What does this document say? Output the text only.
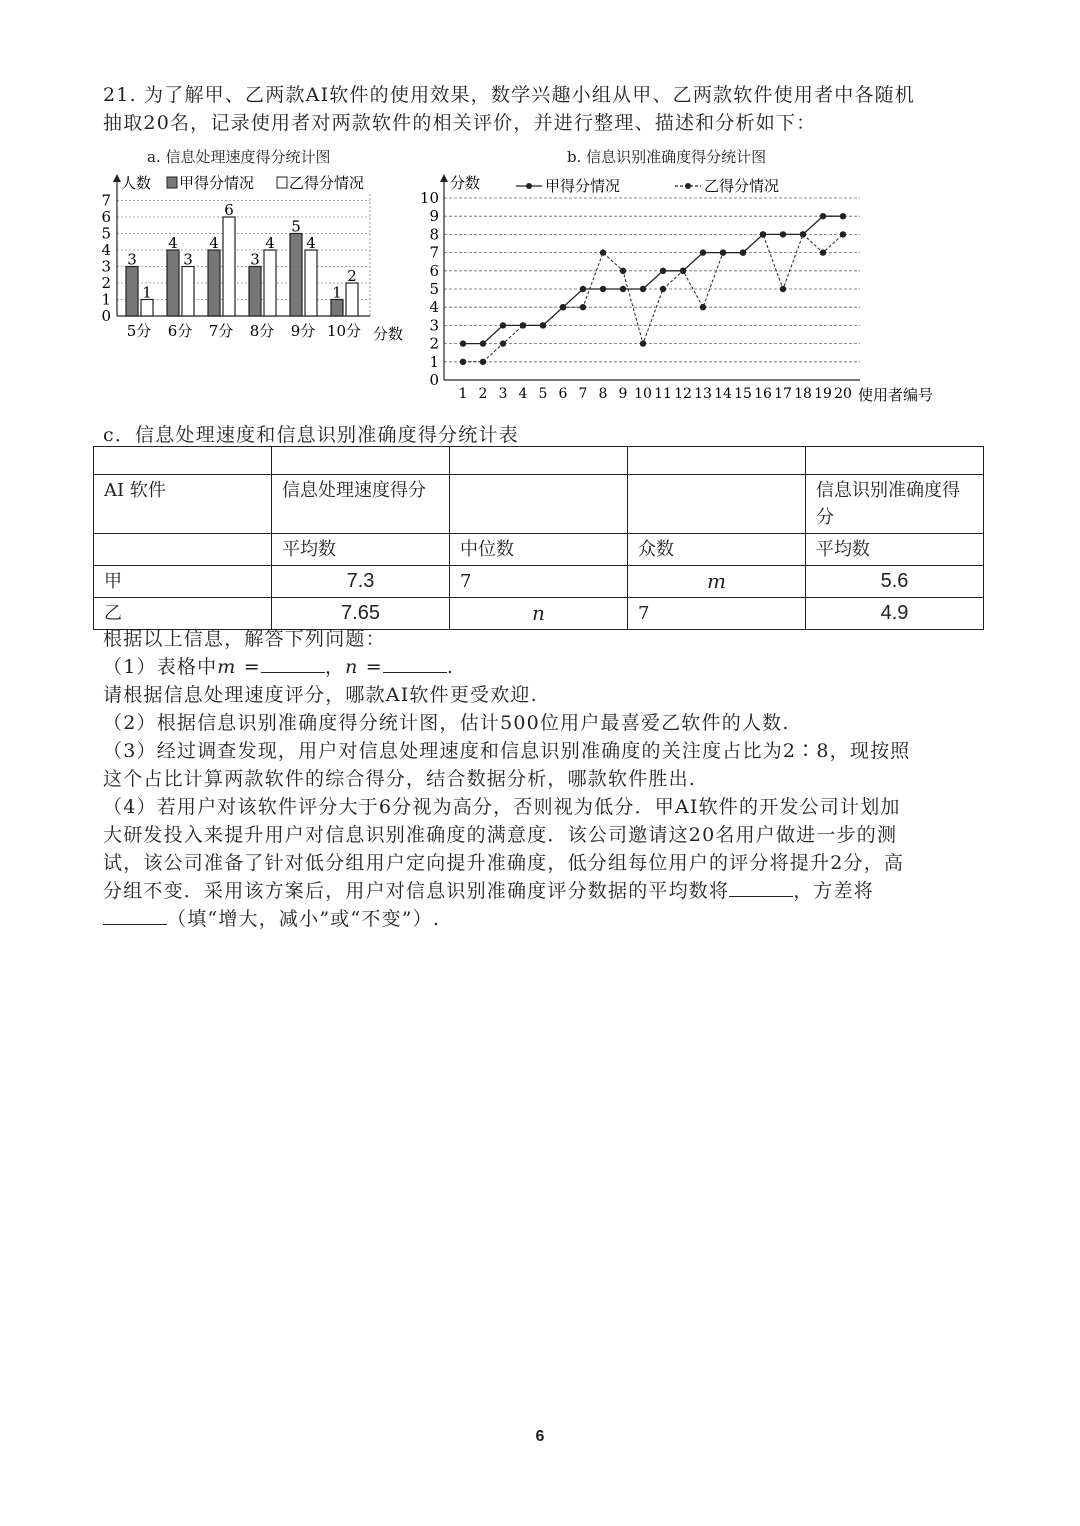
21. 为了解甲、乙两款AI软件的使用效果，数学兴趣小组从甲、乙两款软件使用者中各随机
抽取20名，记录使用者对两款软件的相关评价，并进行整理、描述和分析如下：
a. 信息处理速度得分统计图	b. 信息识别准确度得分统计图
0
1
2
3
4
5
6
7
人数 甲得分情况 乙得分情况
3
1
5分
4
3
6分
4
6
7分
3
4
8分
5
4
9分
1
2
10分 分数
0
1
2
3
4
5
6
7
8
9
10
分数	甲得分情况	乙得分情况
1 2 3 4 5 6 7 8 9 10 11 12 13 14 15 16 17 18 19 20 使用者编号
c．信息处理速度和信息识别准确度得分统计表

AI 软件	信息处理速度得分			信息识别准确度得分
	平均数	中位数	众数	平均数
甲	7.3	7	m	5.6
乙	7.65	n	7	4.9
根据以上信息，解答下列问题：
（1）表格中m =	，n =	.
请根据信息处理速度评分，哪款AI软件更受欢迎.
（2）根据信息识别准确度得分统计图，估计500位用户最喜爱乙软件的人数.
（3）经过调查发现，用户对信息处理速度和信息识别准确度的关注度占比为2∶8，现按照
这个占比计算两款软件的综合得分，结合数据分析，哪款软件胜出.
（4）若用户对该软件评分大于6分视为高分，否则视为低分．甲AI软件的开发公司计划加
大研发投入来提升用户对信息识别准确度的满意度．该公司邀请这20名用户做进一步的测
试，该公司准备了针对低分组用户定向提升准确度，低分组每位用户的评分将提升2分，高
分组不变．采用该方案后，用户对信息识别准确度评分数据的平均数将	，方差将
（填“增大，减小”或“不变”）.
6
